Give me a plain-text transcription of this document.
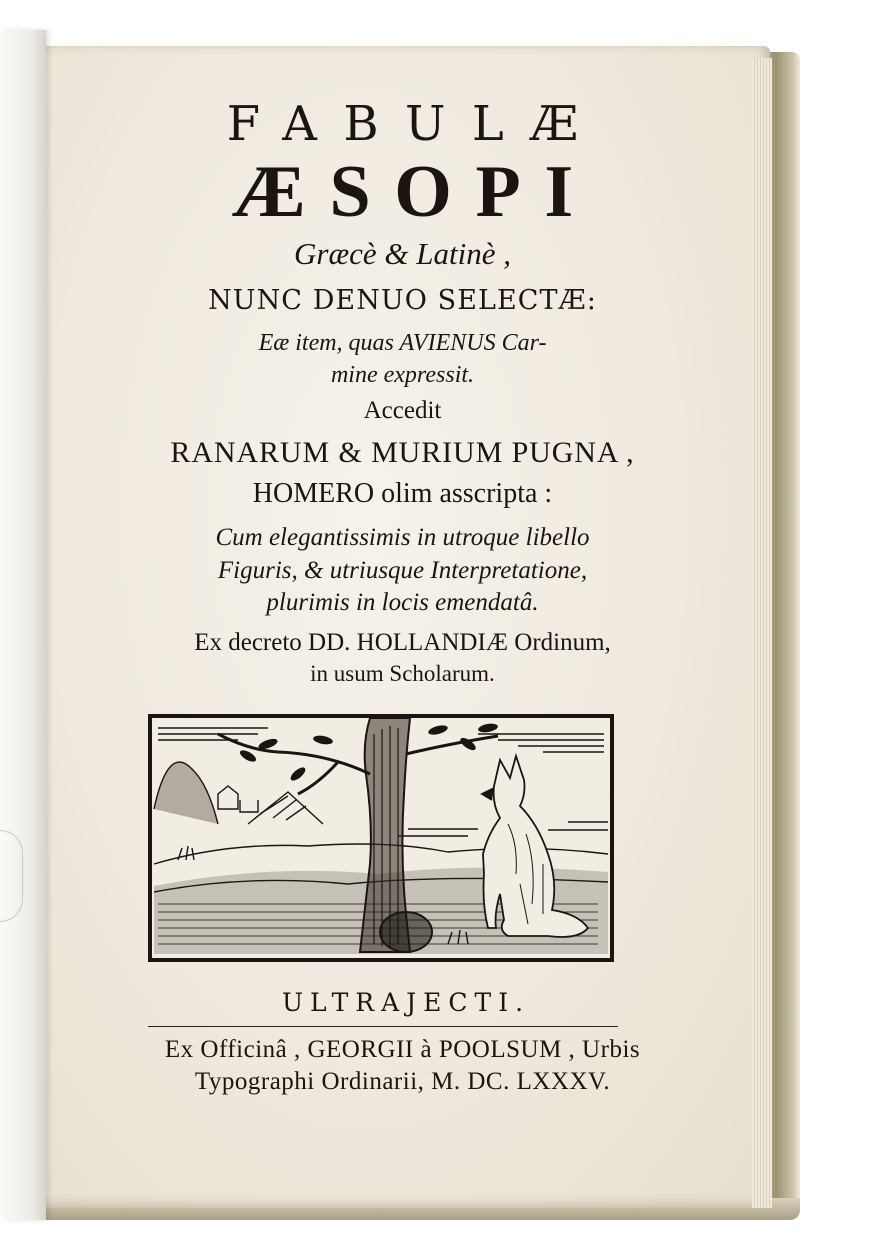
FABULÆ

ÆSOPI

Græcè & Latinè ,

NUNC DENUO SELECTÆ:

Eæ item, quas AVIENUS Car-

mine expressit.

Accedit

RANARUM & MURIUM PUGNA ,

HOMERO olim asscripta :

Cum elegantissimis in utroque libello

Figuris, & utriusque Interpretatione,

plurimis in locis emendatâ.

Ex decreto DD. HOLLANDIÆ Ordinum,

in usum Scholarum.

ULTRAJECTI.

Ex Officinâ , GEORGII à POOLSUM , Urbis

Typographi Ordinarii, M. DC. LXXXV.
